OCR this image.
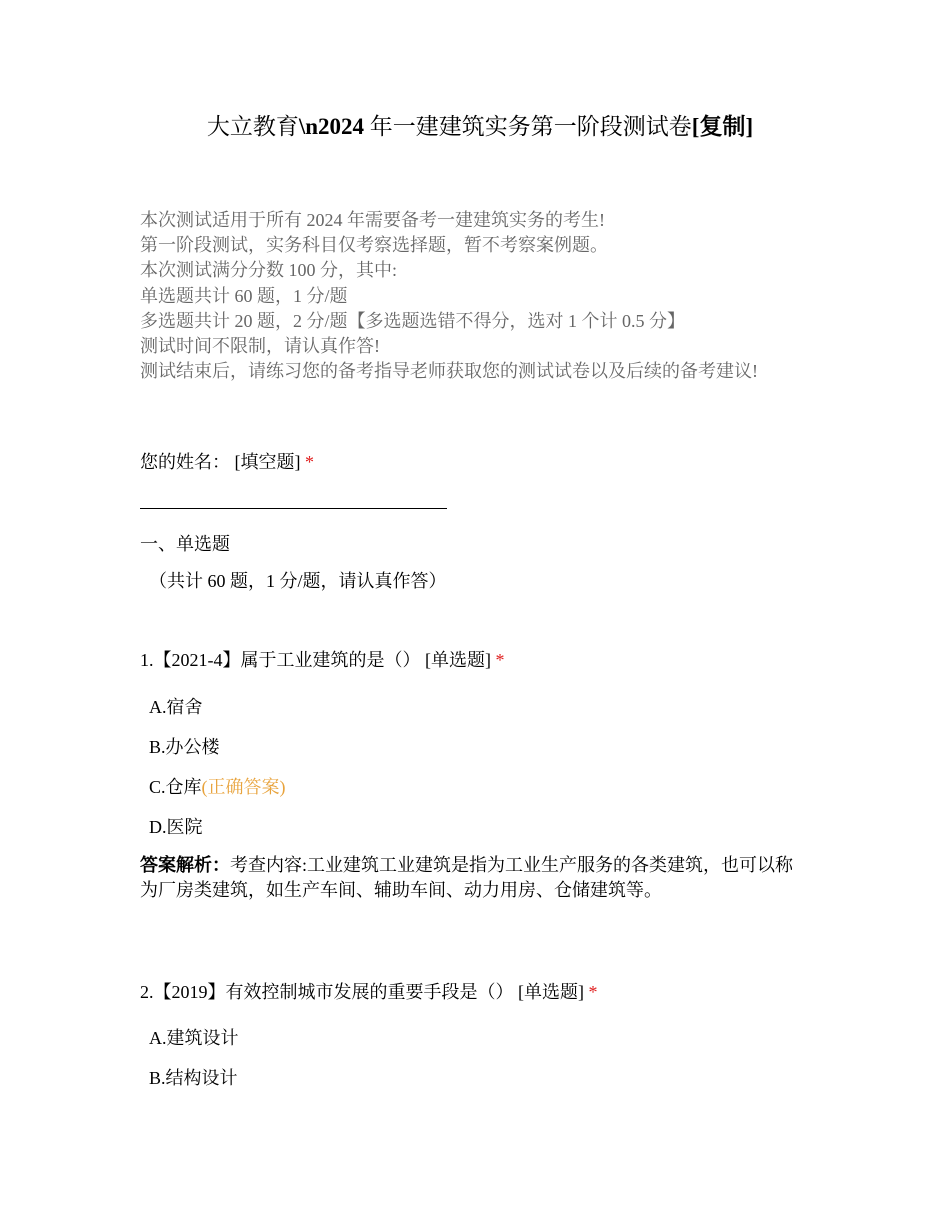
大立教育\n2024 年一建建筑实务第一阶段测试卷[复制]
本次测试适用于所有 2024 年需要备考一建建筑实务的考生!
第一阶段测试，实务科目仅考察选择题，暂不考察案例题。
本次测试满分分数 100 分，其中:
单选题共计 60 题，1 分/题
多选题共计 20 题，2 分/题【多选题选错不得分，选对 1 个计 0.5 分】
测试时间不限制，请认真作答!
测试结束后，请练习您的备考指导老师获取您的测试试卷以及后续的备考建议!
您的姓名： [填空题] *
一、单选题
（共计 60 题，1 分/题，请认真作答）
1.【2021-4】属于工业建筑的是（） [单选题] *
A.宿舍
B.办公楼
C.仓库(正确答案)
D.医院
答案解析：考查内容:工业建筑工业建筑是指为工业生产服务的各类建筑，也可以称为厂房类建筑，如生产车间、辅助车间、动力用房、仓储建筑等。
2.【2019】有效控制城市发展的重要手段是（） [单选题] *
A.建筑设计
B.结构设计
